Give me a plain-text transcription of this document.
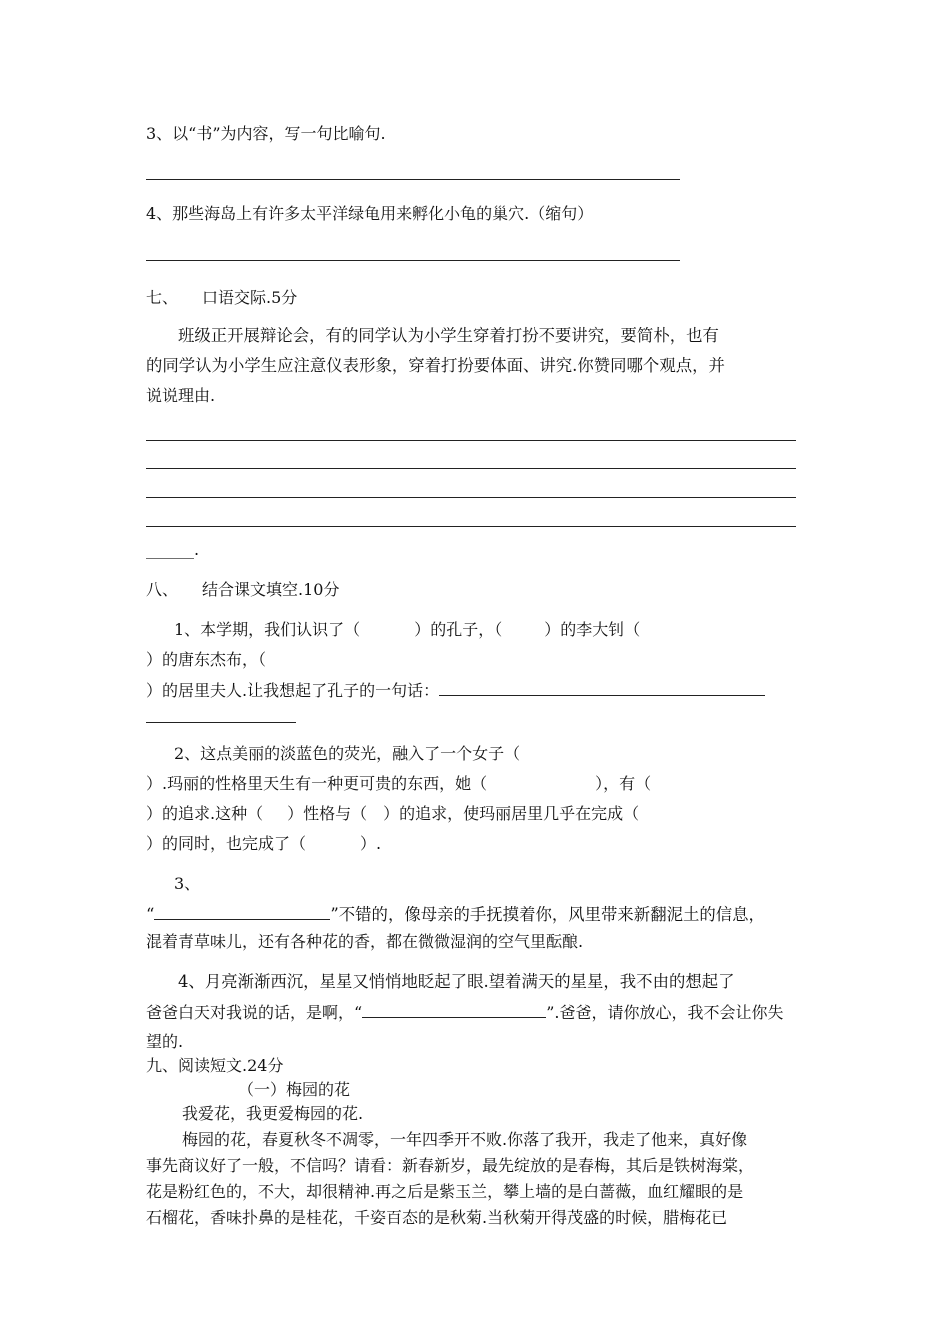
3、以“书”为内容，写一句比喻句.
4、那些海岛上有许多太平洋绿龟用来孵化小龟的巢穴.（缩句）
七、 口语交际.5分
班级正开展辩论会，有的同学认为小学生穿着打扮不要讲究，要简朴，也有
的同学认为小学生应注意仪表形象，穿着打扮要体面、讲究.你赞同哪个观点，并
说说理由.
______.
八、 结合课文填空.10分
1、本学期，我们认识了（	）的孔子，（	）的李大钊（
）的唐东杰布，（
）的居里夫人.让我想起了孔子的一句话：
2、这点美丽的淡蓝色的荧光，融入了一个女子（
）.玛丽的性格里天生有一种更可贵的东西，她（	），有（
）的追求.这种（ ）性格与（ ）的追求，使玛丽居里几乎在完成（
）的同时，也完成了（	）.
3、
“	”不错的，像母亲的手抚摸着你，风里带来新翻泥土的信息，
混着青草味儿，还有各种花的香，都在微微湿润的空气里酝酿.
4、月亮渐渐西沉，星星又悄悄地眨起了眼.望着满天的星星，我不由的想起了
爸爸白天对我说的话，是啊，“	”.爸爸，请你放心，我不会让你失
望的.
九、阅读短文.24分
（一）梅园的花
我爱花，我更爱梅园的花.
梅园的花，春夏秋冬不凋零，一年四季开不败.你落了我开，我走了他来，真好像
事先商议好了一般，不信吗？请看：新春新岁，最先绽放的是春梅，其后是铁树海棠，
花是粉红色的，不大，却很精神.再之后是紫玉兰，攀上墙的是白蔷薇，血红耀眼的是
石榴花，香味扑鼻的是桂花，千姿百态的是秋菊.当秋菊开得茂盛的时候，腊梅花已
